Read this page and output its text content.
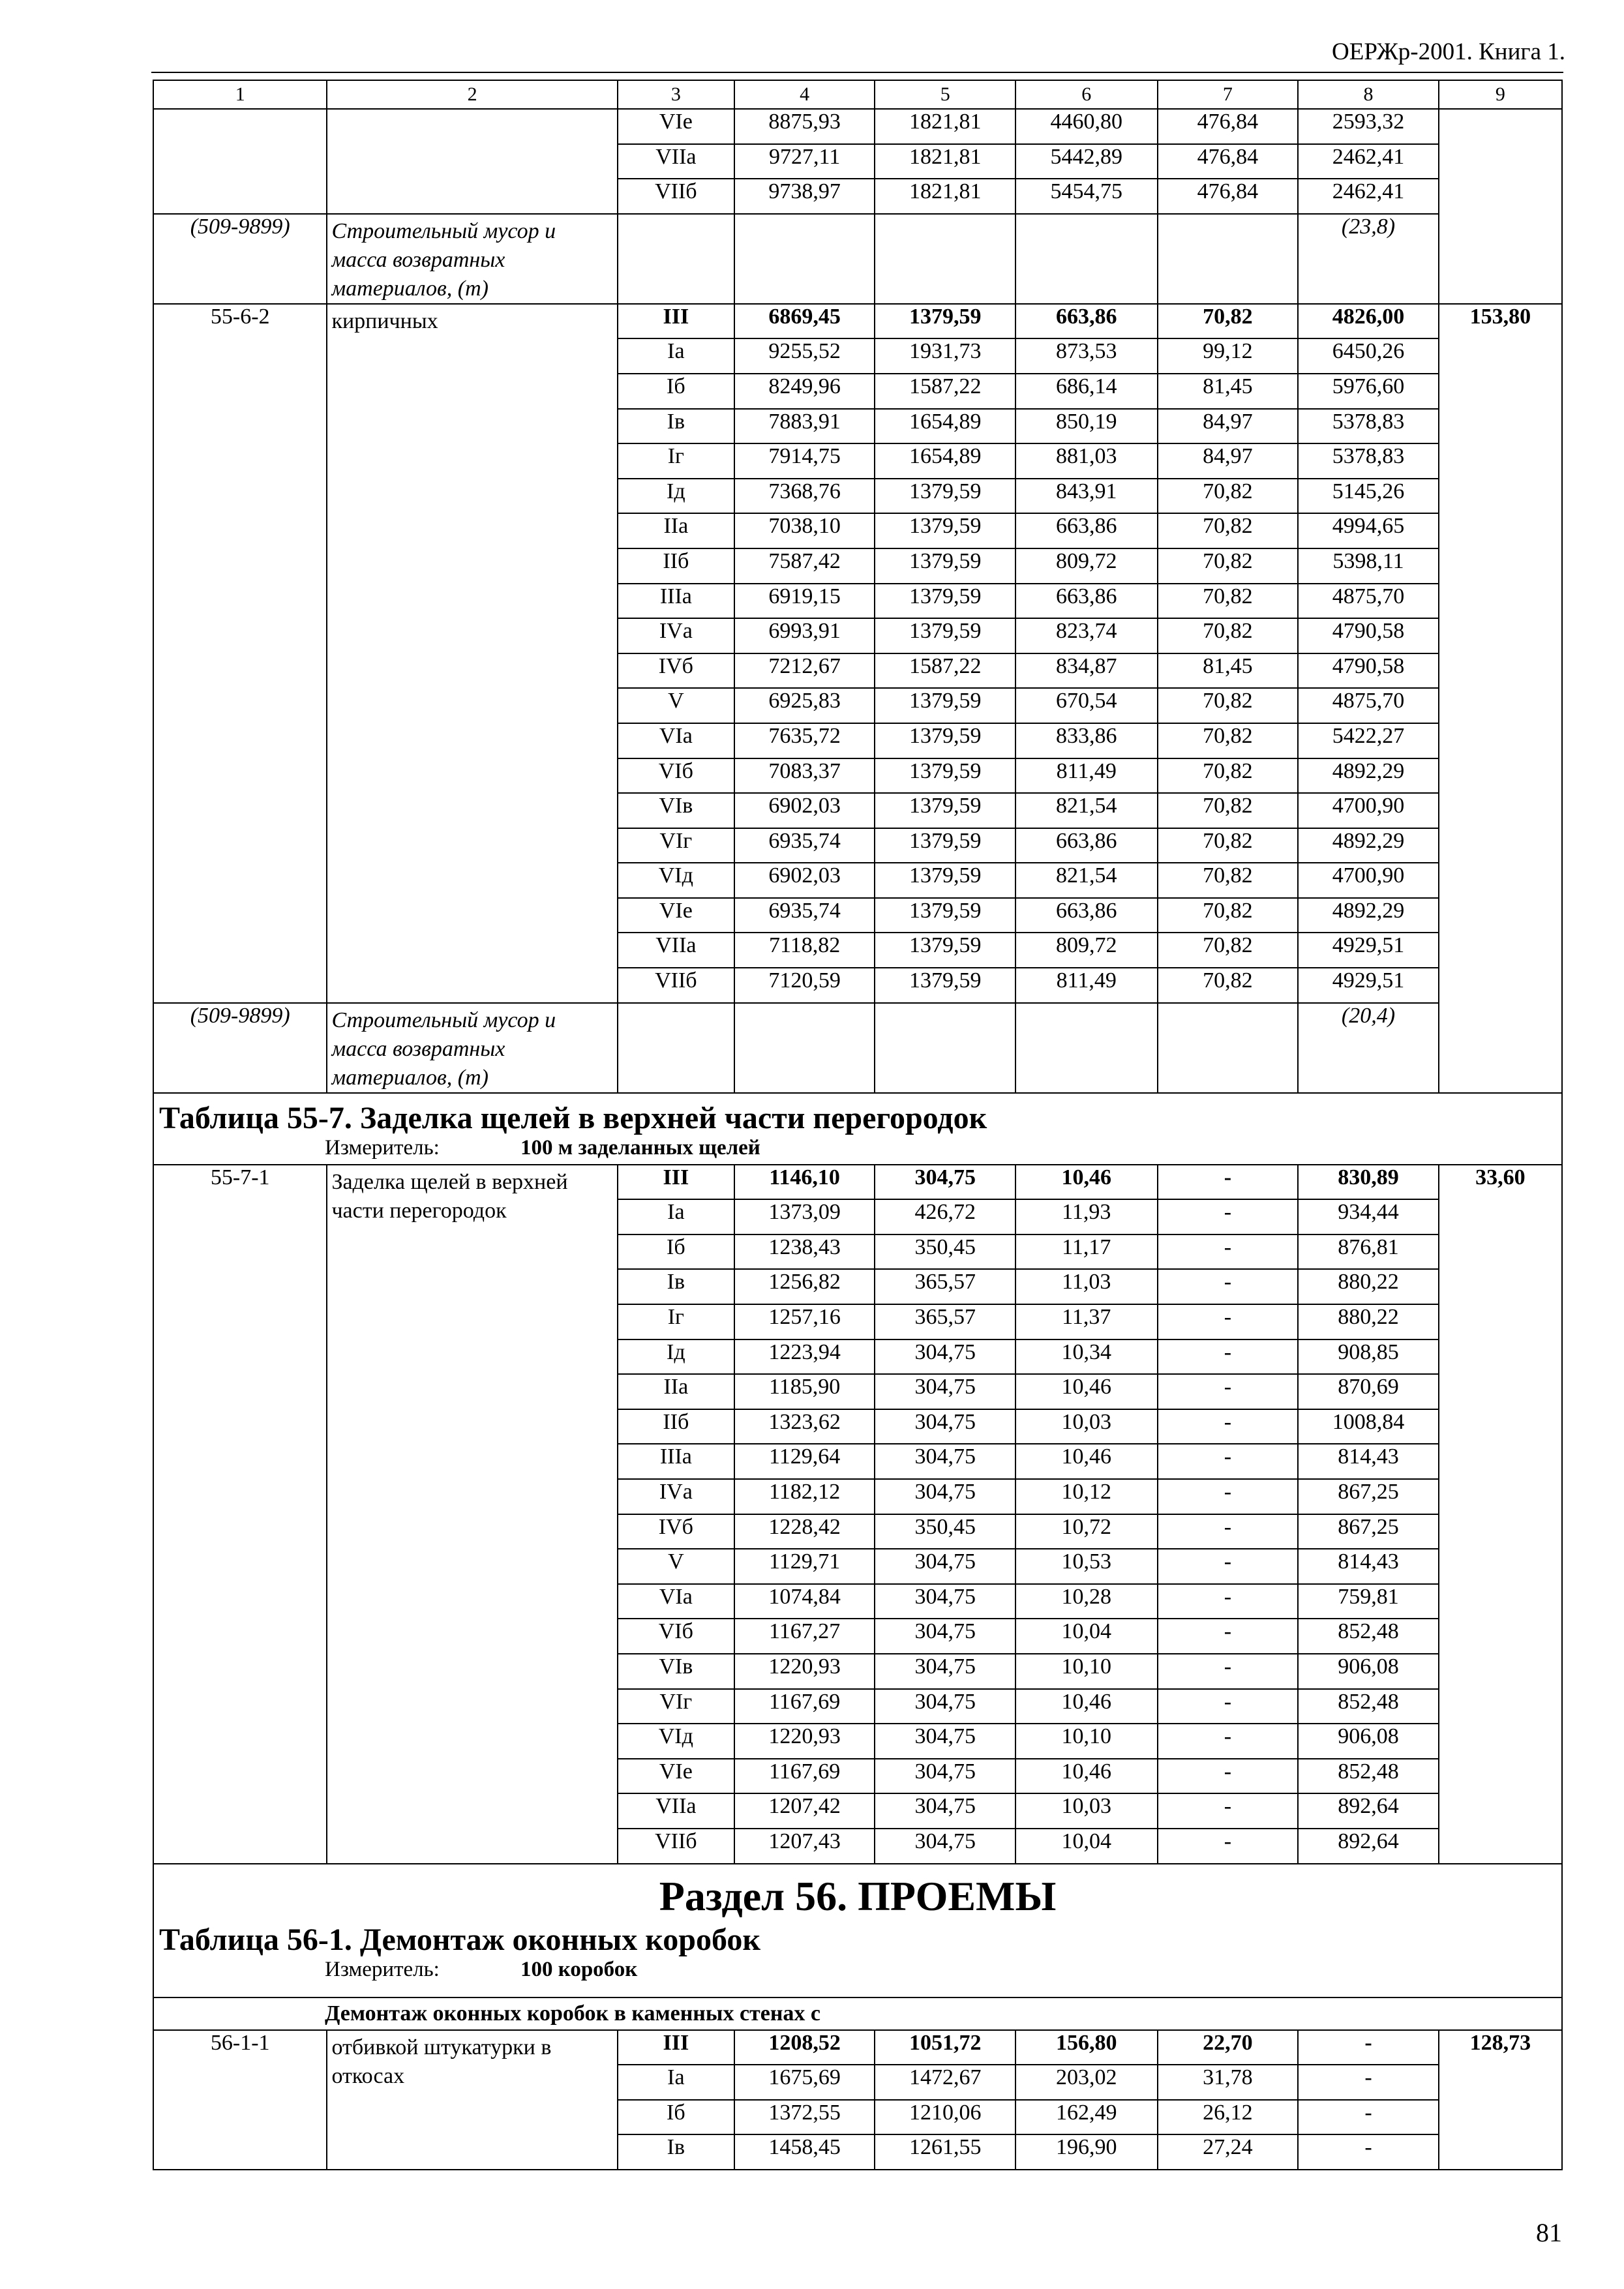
ОЕРЖр-2001. Книга 1.
1	2	3	4	5	6	7	8	9
		VIе	8875,93	1821,81	4460,80	476,84	2593,32	
		VIIа	9727,11	1821,81	5442,89	476,84	2462,41	
		VIIб	9738,97	1821,81	5454,75	476,84	2462,41	
(509-9899)	Строительный мусор и масса возвратных материалов, (т)						(23,8)	
55-6-2	кирпичных	III	6869,45	1379,59	663,86	70,82	4826,00	153,80
		Iа	9255,52	1931,73	873,53	99,12	6450,26	
		Iб	8249,96	1587,22	686,14	81,45	5976,60	
		Iв	7883,91	1654,89	850,19	84,97	5378,83	
		Iг	7914,75	1654,89	881,03	84,97	5378,83	
		Iд	7368,76	1379,59	843,91	70,82	5145,26	
		IIа	7038,10	1379,59	663,86	70,82	4994,65	
		IIб	7587,42	1379,59	809,72	70,82	5398,11	
		IIIа	6919,15	1379,59	663,86	70,82	4875,70	
		IVа	6993,91	1379,59	823,74	70,82	4790,58	
		IVб	7212,67	1587,22	834,87	81,45	4790,58	
		V	6925,83	1379,59	670,54	70,82	4875,70	
		VIа	7635,72	1379,59	833,86	70,82	5422,27	
		VIб	7083,37	1379,59	811,49	70,82	4892,29	
		VIв	6902,03	1379,59	821,54	70,82	4700,90	
		VIг	6935,74	1379,59	663,86	70,82	4892,29	
		VIд	6902,03	1379,59	821,54	70,82	4700,90	
		VIе	6935,74	1379,59	663,86	70,82	4892,29	
		VIIа	7118,82	1379,59	809,72	70,82	4929,51	
		VIIб	7120,59	1379,59	811,49	70,82	4929,51	
(509-9899)	Строительный мусор и масса возвратных материалов, (т)						(20,4)	

Таблица 55-7. Заделка щелей в верхней части перегородок
Измеритель: 100 м заделанных щелей								

55-7-1	Заделка щелей в верхней части перегородок	III	1146,10	304,75	10,46	-	830,89	33,60
		Iа	1373,09	426,72	11,93	-	934,44	
		Iб	1238,43	350,45	11,17	-	876,81	
		Iв	1256,82	365,57	11,03	-	880,22	
		Iг	1257,16	365,57	11,37	-	880,22	
		Iд	1223,94	304,75	10,34	-	908,85	
		IIа	1185,90	304,75	10,46	-	870,69	
		IIб	1323,62	304,75	10,03	-	1008,84	
		IIIа	1129,64	304,75	10,46	-	814,43	
		IVа	1182,12	304,75	10,12	-	867,25	
		IVб	1228,42	350,45	10,72	-	867,25	
		V	1129,71	304,75	10,53	-	814,43	
		VIа	1074,84	304,75	10,28	-	759,81	
		VIб	1167,27	304,75	10,04	-	852,48	
		VIв	1220,93	304,75	10,10	-	906,08	
		VIг	1167,69	304,75	10,46	-	852,48	
		VIд	1220,93	304,75	10,10	-	906,08	
		VIе	1167,69	304,75	10,46	-	852,48	
		VIIа	1207,42	304,75	10,03	-	892,64	
		VIIб	1207,43	304,75	10,04	-	892,64	

Раздел 56. ПРОЕМЫ
Таблица 56-1. Демонтаж оконных коробок
Измеритель: 100 коробок								

Демонтаж оконных коробок в каменных стенах с								
56-1-1	отбивкой штукатурки в откосах	III	1208,52	1051,72	156,80	22,70	-	128,73
		Iа	1675,69	1472,67	203,02	31,78	-	
		Iб	1372,55	1210,06	162,49	26,12	-	
		Iв	1458,45	1261,55	196,90	27,24	-	
81
